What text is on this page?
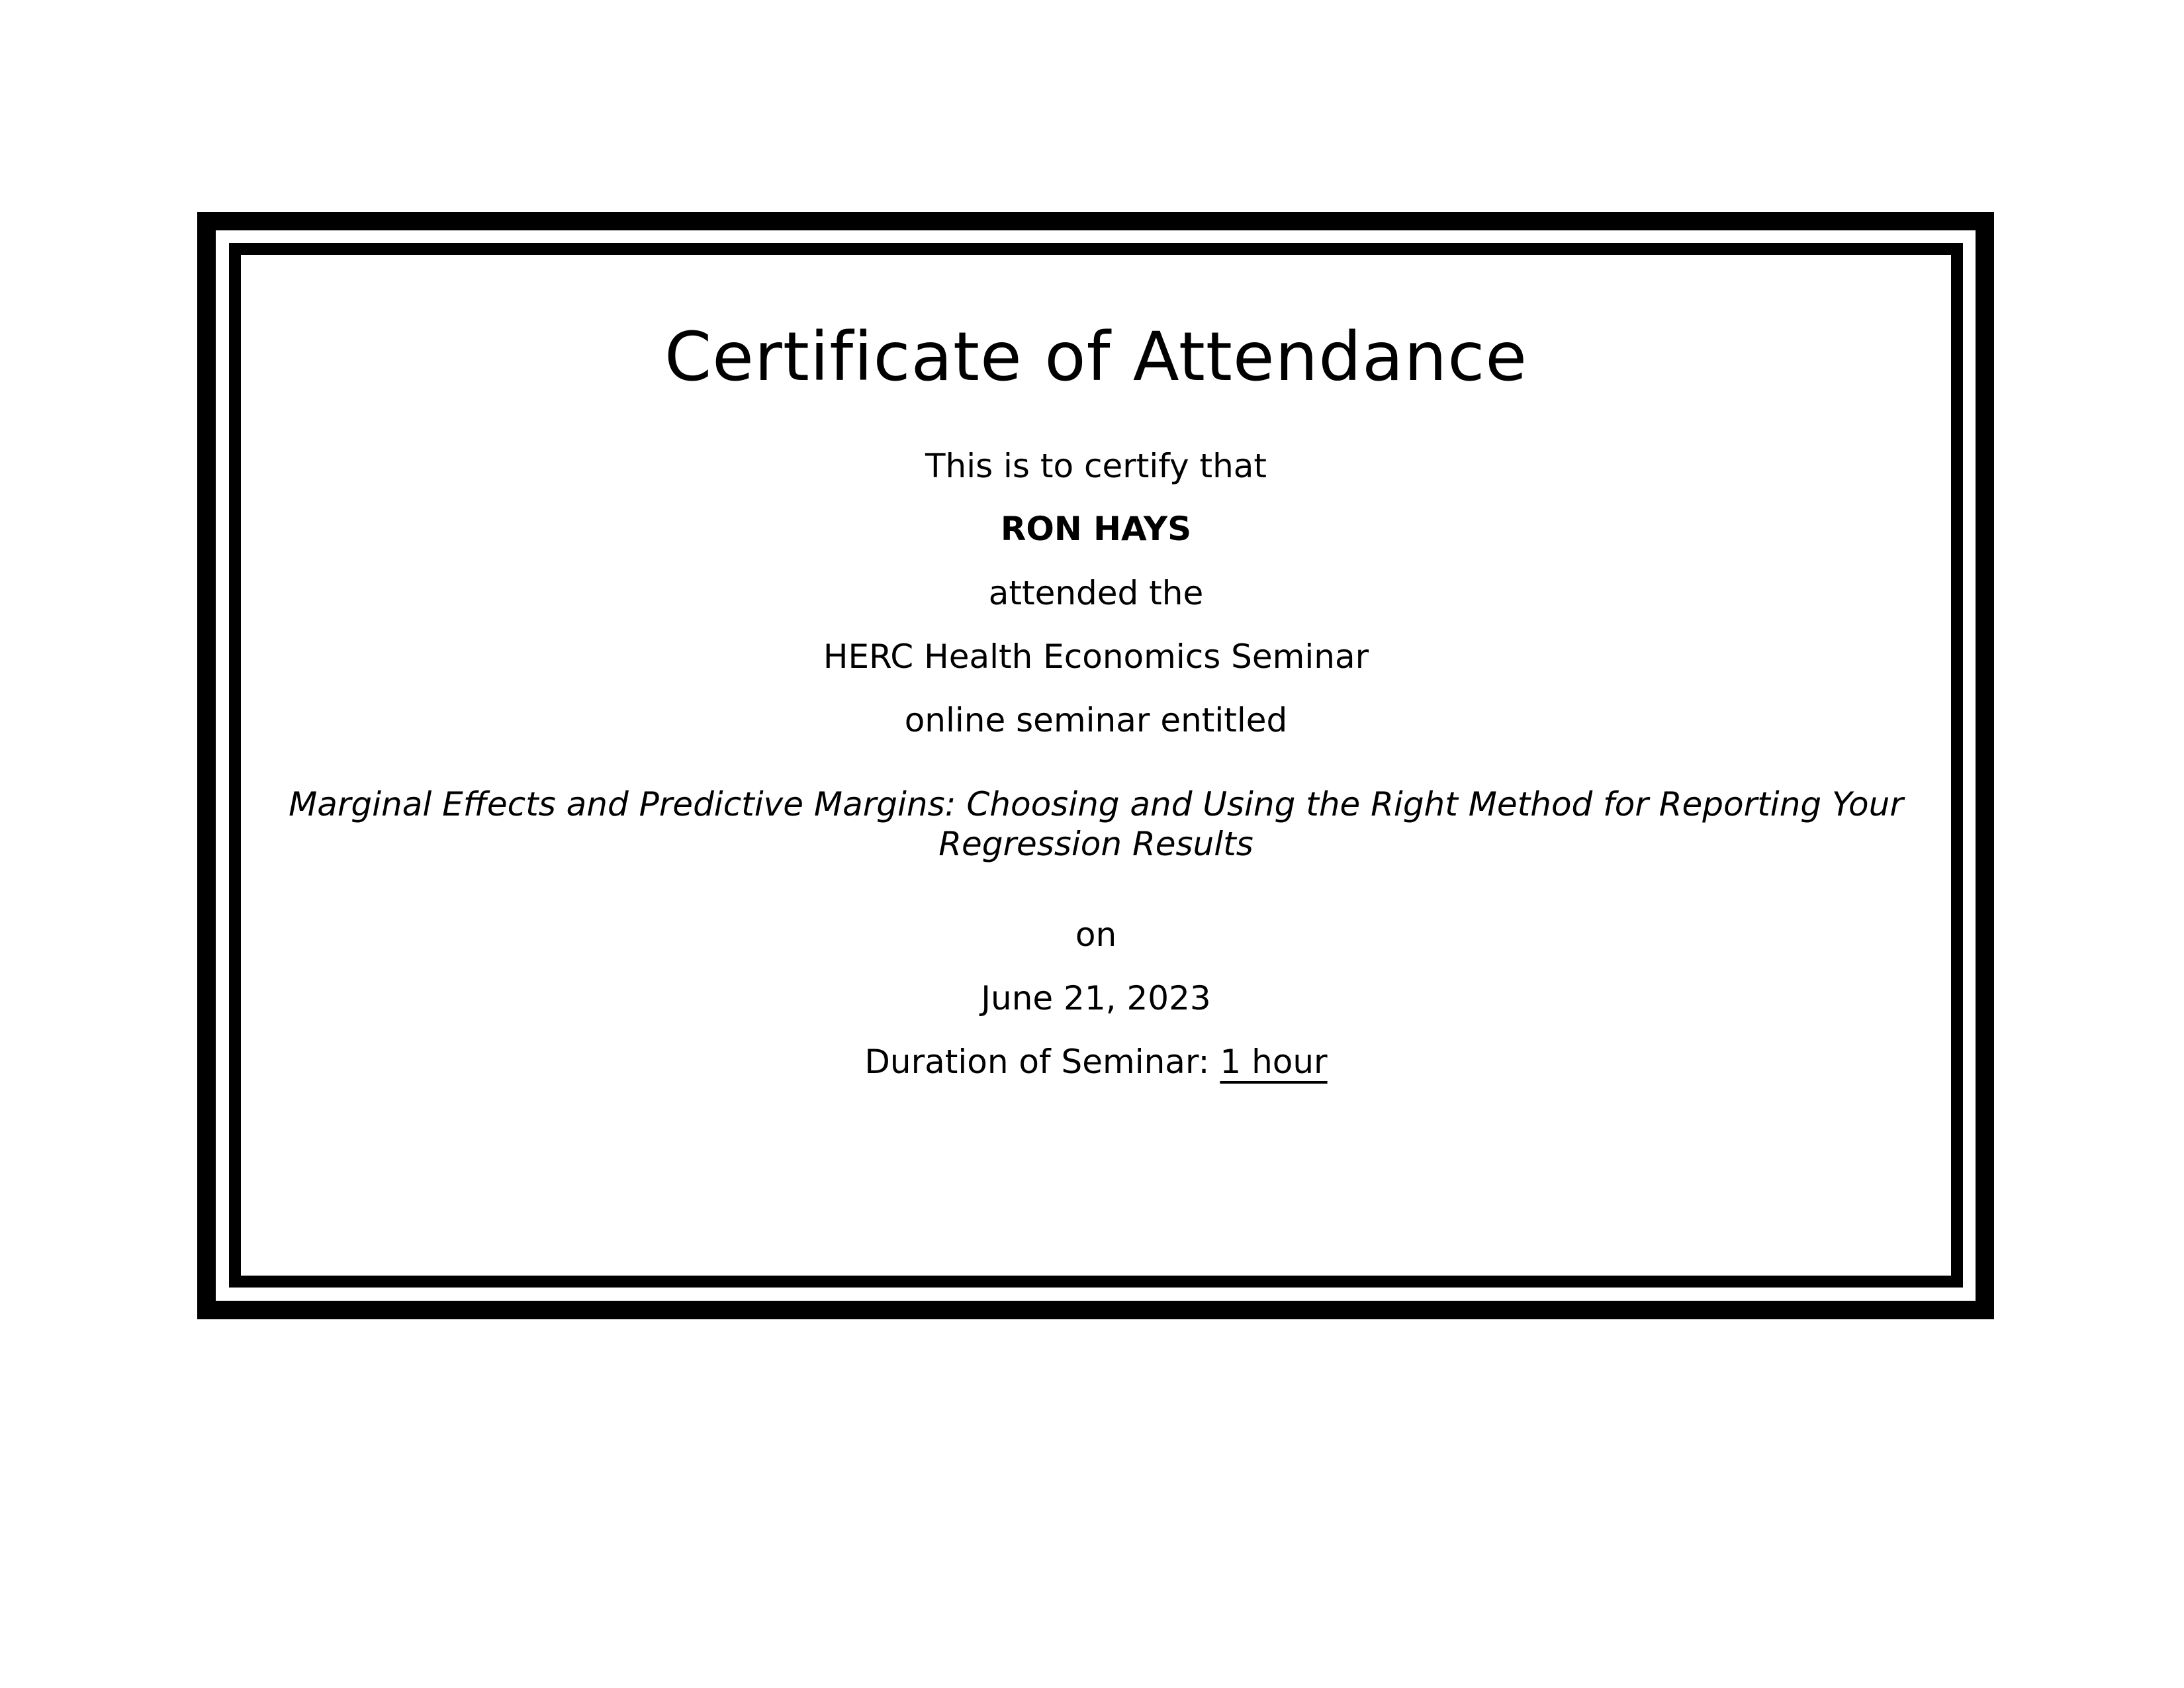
Certificate of Attendance
This is to certify that
RON HAYS
attended the
HERC Health Economics Seminar
online seminar entitled
Marginal Effects and Predictive Margins: Choosing and Using the Right Method for Reporting Your Regression Results
on
June 21, 2023
Duration of Seminar: 1 hour
